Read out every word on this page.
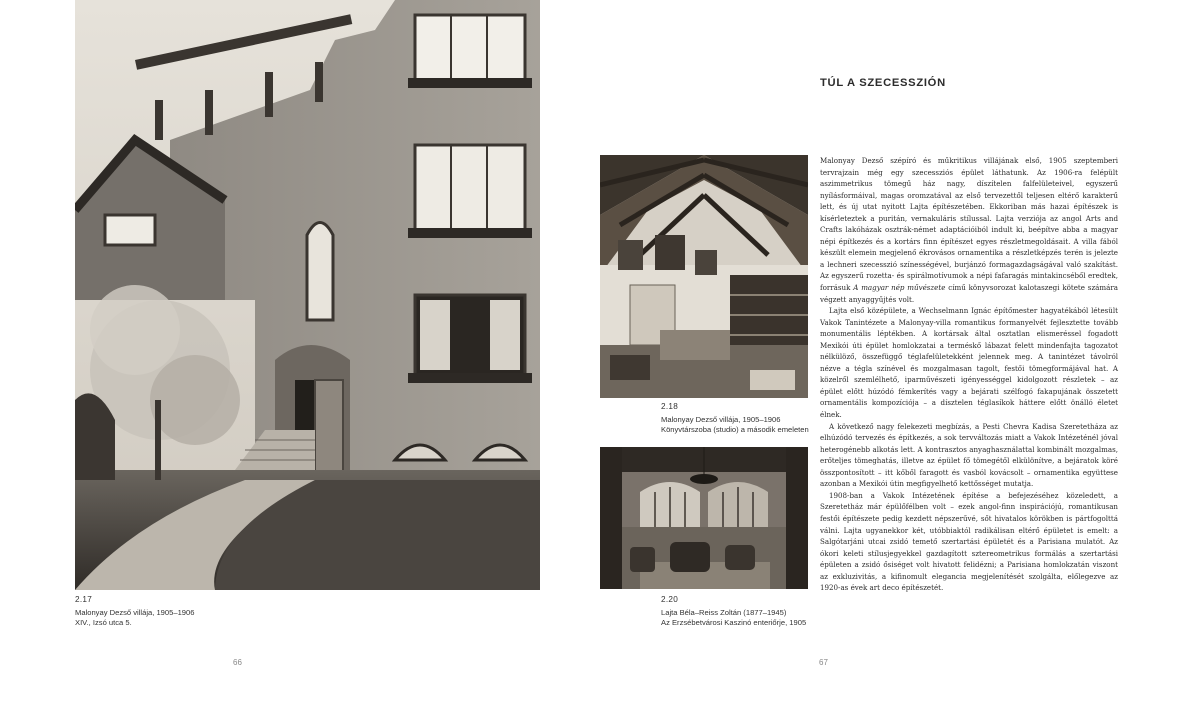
2.17
Malonyay Dezső villája, 1905–1906
XIV., Izsó utca 5.
66
TÚL A SZECESSZIÓN
2.18
Malonyay Dezső villája, 1905–1906
Könyvtárszoba (studio) a második emeleten
2.20
Lajta Béla–Reiss Zoltán (1877–1945)
Az Erzsébetvárosi Kaszinó enteriőrje, 1905

Malonyay Dezső szépíró és műkritikus villájának első, 1905 szeptemberi tervrajzain még egy szecessziós épület láthatunk. Az 1906-ra felépült aszimmetrikus tömegű ház nagy, díszítelen falfelületeivel, egyszerű nyílásformáival, magas oromzatával az első tervezettől teljesen eltérő karakterű lett, és új utat nyitott Lajta építészetében. Ekkoriban más hazai építészek is kísérleteztek a puritán, vernakuláris stílussal. Lajta verziója az angol Arts and Crafts lakóházak osztrák-német adaptációiból indult ki, beépítve abba a magyar népi építkezés és a kortárs finn építészet egyes részletmegoldásait. A villa fából készült elemein megjelenő ékrovásos ornamentika a részletképzés terén is jelezte a lechneri szecesszió színességével, burjánzó formagazdagságával való szakítást. Az egyszerű rozetta- és spirálmotívumok a népi fafaragás mintakincséből eredtek, forrásuk A magyar nép művészete című könyvsorozat kalotaszegi kötete számára végzett anyaggyűjtés volt.

Lajta első középülete, a Wechselmann Ignác építőmester hagyatékából létesült Vakok Tanintézete a Malonyay-villa romantikus formanyelvét fejlesztette tovább monumentális léptékben. A kortársak által osztatlan elismeréssel fogadott Mexikói úti épület homlokzatai a terméskő lábazat felett mindenfajta tagozatot nélkülöző, összefüggő téglafelületekként jelennek meg. A tanintézet távolról nézve a tégla színével és mozgalmasan tagolt, festői tömegformájával hat. A közelről szemlélhető, iparművészeti igényességgel kidolgozott részletek – az épület előtt húzódó fémkerítés vagy a bejárati szélfogó fakapujának összetett ornamentális kompozíciója – a dísztelen téglasíkok háttere előtt önálló életet élnek.

A következő nagy felekezeti megbízás, a Pesti Chevra Kadisa Szeretetháza az elhúzódó tervezés és építkezés, a sok tervváltozás miatt a Vakok Intézeténél jóval heterogénebb alkotás lett. A kontrasztos anyaghasználattal kombinált mozgalmas, erőteljes tömeghatás, illetve az épület fő tömegétől elkülönítve, a bejáratok köré összpontosított – itt kőből faragott és vasból kovácsolt – ornamentika együttese azonban a Mexikói útin megfigyelhető kettősséget mutatja.

1908-ban a Vakok Intézetének építése a befejezéséhez közeledett, a Szeretetház már épülőfélben volt – ezek angol-finn inspirációjú, romantikusan festői építészete pedig kezdett népszerűvé, sőt hivatalos körökben is pártfogolttá válni. Lajta ugyanekkor két, utóbbiaktól radikálisan eltérő épületet is emelt: a Salgótarjáni utcai zsidó temető szertartási épületét és a Parisiana mulatót. Az ókori keleti stílusjegyekkel gazdagított sztereometrikus formálás a szertartási épületen a zsidó ősiséget volt hivatott felidézni; a Parisiana homlokzatán viszont az exkluzivitás, a kifinomult elegancia megjelenítését szolgálta, előlegezve az 1920-as évek art deco építészetét.

67
